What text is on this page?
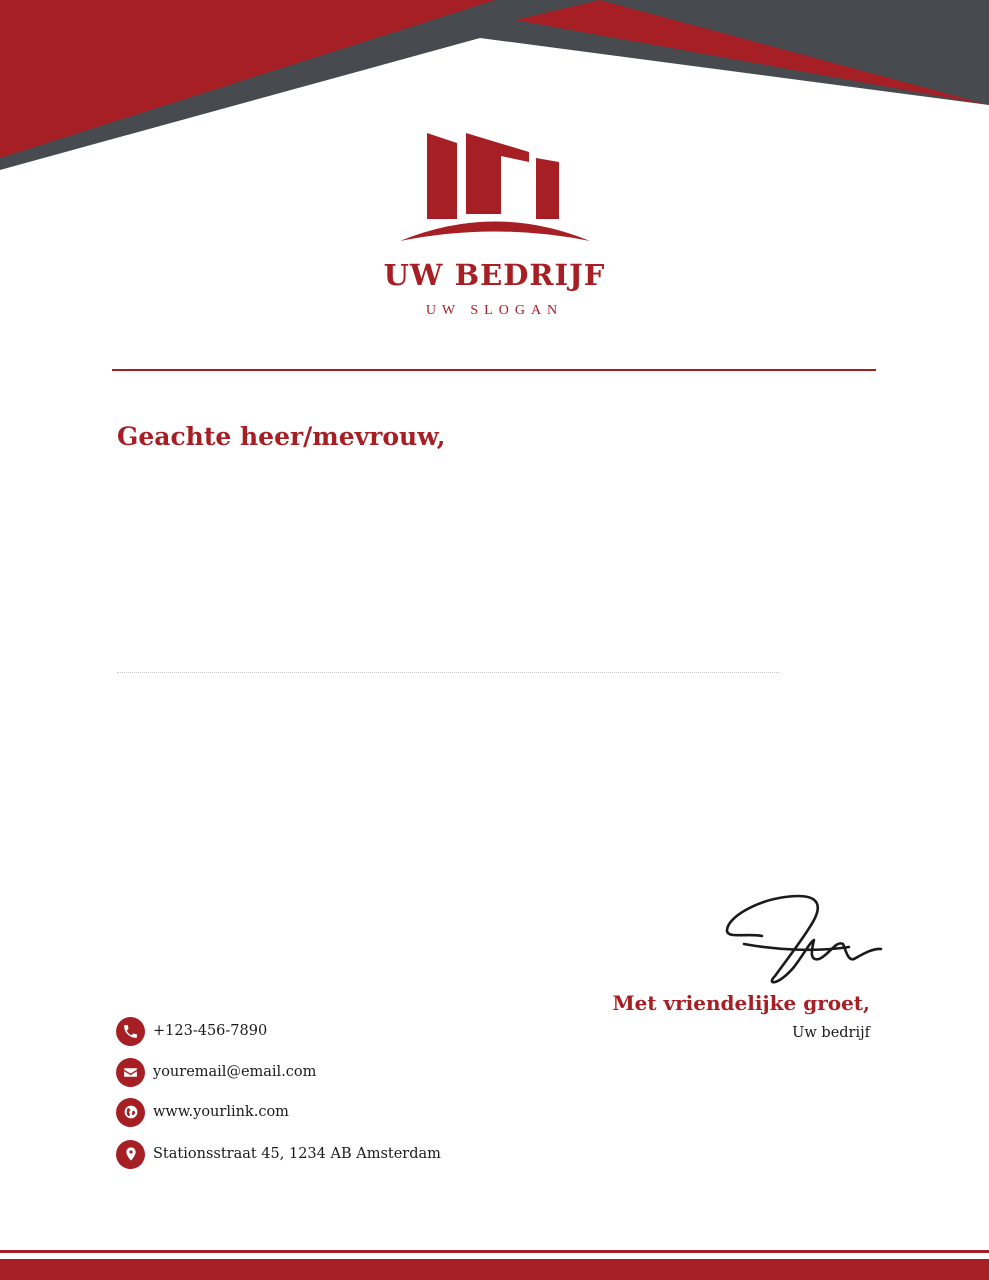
UW BEDRIJF
UW SLOGAN
Geachte heer/mevrouw,
Met vriendelijke groet,
Uw bedrijf
+123-456-7890
youremail@email.com
www.yourlink.com
Stationsstraat 45, 1234 AB Amsterdam
